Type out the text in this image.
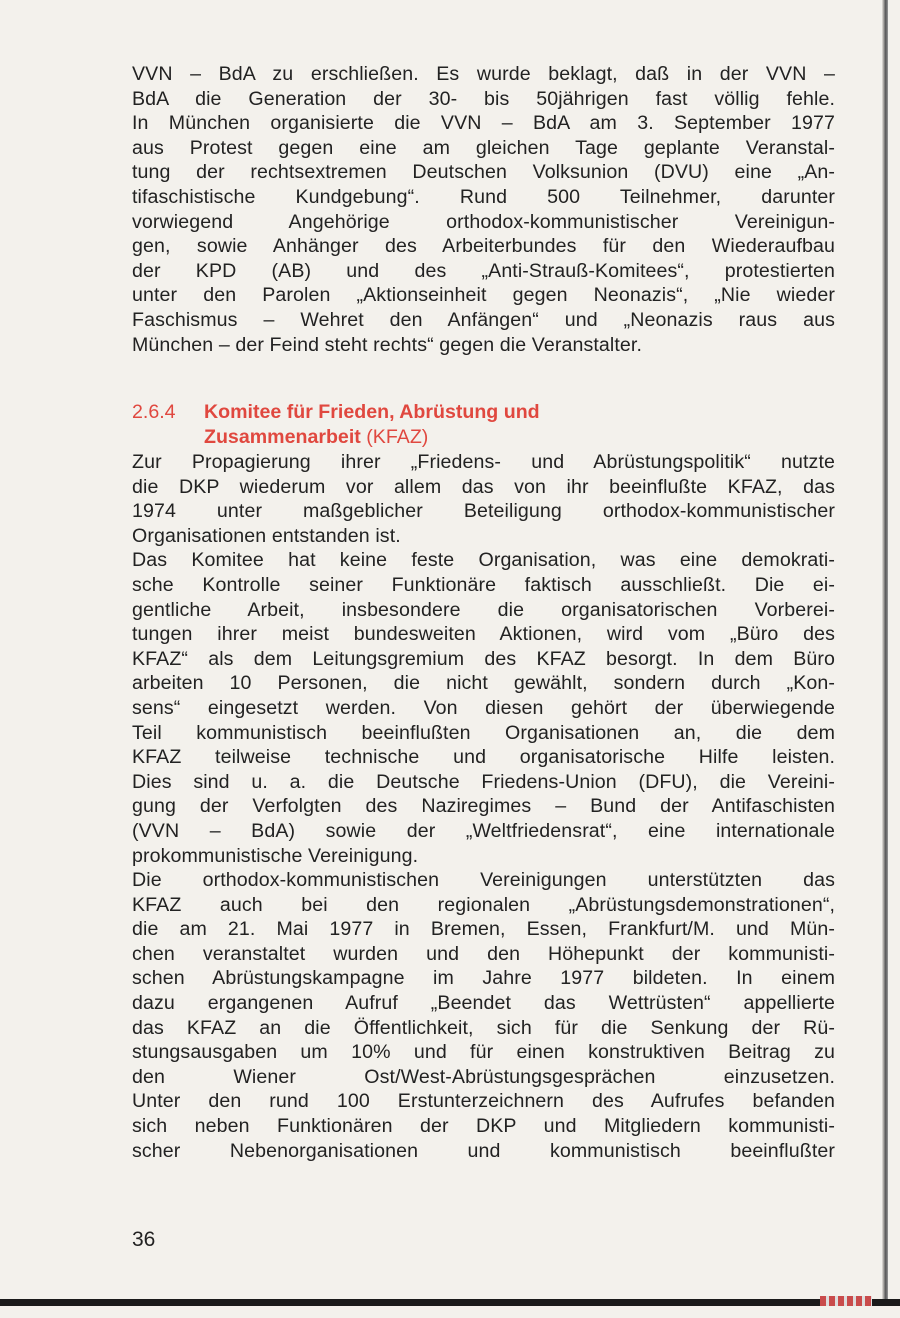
VVN – BdA zu erschließen. Es wurde beklagt, daß in der VVN –
BdA die Generation der 30- bis 50jährigen fast völlig fehle.
In München organisierte die VVN – BdA am 3. September 1977
aus Protest gegen eine am gleichen Tage geplante Veranstal-
tung der rechtsextremen Deutschen Volksunion (DVU) eine „An-
tifaschistische Kundgebung“. Rund 500 Teilnehmer, darunter
vorwiegend Angehörige orthodox-kommunistischer Vereinigun-
gen, sowie Anhänger des Arbeiterbundes für den Wiederaufbau
der KPD (AB) und des „Anti-Strauß-Komitees“, protestierten
unter den Parolen „Aktionseinheit gegen Neonazis“, „Nie wieder
Faschismus – Wehret den Anfängen“ und „Neonazis raus aus
München – der Feind steht rechts“ gegen die Veranstalter.
2.6.4 Komitee für Frieden, Abrüstung und
Zusammenarbeit (KFAZ)
Zur Propagierung ihrer „Friedens- und Abrüstungspolitik“ nutzte
die DKP wiederum vor allem das von ihr beeinflußte KFAZ, das
1974 unter maßgeblicher Beteiligung orthodox-kommunistischer
Organisationen entstanden ist.
Das Komitee hat keine feste Organisation, was eine demokrati-
sche Kontrolle seiner Funktionäre faktisch ausschließt. Die ei-
gentliche Arbeit, insbesondere die organisatorischen Vorberei-
tungen ihrer meist bundesweiten Aktionen, wird vom „Büro des
KFAZ“ als dem Leitungsgremium des KFAZ besorgt. In dem Büro
arbeiten 10 Personen, die nicht gewählt, sondern durch „Kon-
sens“ eingesetzt werden. Von diesen gehört der überwiegende
Teil kommunistisch beeinflußten Organisationen an, die dem
KFAZ teilweise technische und organisatorische Hilfe leisten.
Dies sind u. a. die Deutsche Friedens-Union (DFU), die Vereini-
gung der Verfolgten des Naziregimes – Bund der Antifaschisten
(VVN – BdA) sowie der „Weltfriedensrat“, eine internationale
prokommunistische Vereinigung.
Die orthodox-kommunistischen Vereinigungen unterstützten das
KFAZ auch bei den regionalen „Abrüstungsdemonstrationen“,
die am 21. Mai 1977 in Bremen, Essen, Frankfurt/M. und Mün-
chen veranstaltet wurden und den Höhepunkt der kommunisti-
schen Abrüstungskampagne im Jahre 1977 bildeten. In einem
dazu ergangenen Aufruf „Beendet das Wettrüsten“ appellierte
das KFAZ an die Öffentlichkeit, sich für die Senkung der Rü-
stungsausgaben um 10% und für einen konstruktiven Beitrag zu
den Wiener Ost/West-Abrüstungsgesprächen einzusetzen.
Unter den rund 100 Erstunterzeichnern des Aufrufes befanden
sich neben Funktionären der DKP und Mitgliedern kommunisti-
scher Nebenorganisationen und kommunistisch beeinflußter
36
